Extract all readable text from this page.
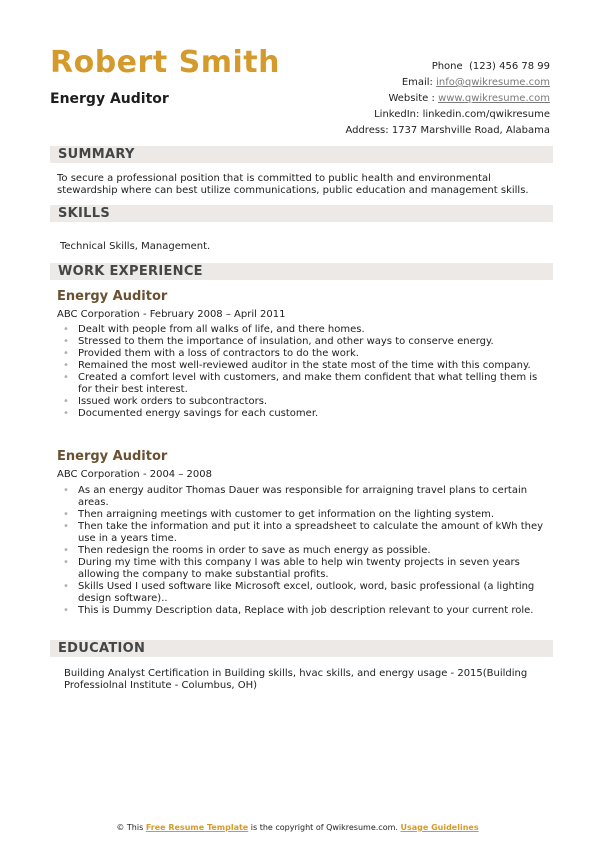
Robert Smith
Energy Auditor
Phone (123) 456 78 99
Email: info@qwikresume.com
Website : www.qwikresume.com
LinkedIn: linkedin.com/qwikresume
Address: 1737 Marshville Road, Alabama
SUMMARY
To secure a professional position that is committed to public health and environmental
stewardship where can best utilize communications, public education and management skills.
SKILLS
Technical Skills, Management.
WORK EXPERIENCE
Energy Auditor
ABC Corporation - February 2008 – April 2011
• Dealt with people from all walks of life, and there homes.
• Stressed to them the importance of insulation, and other ways to conserve energy.
• Provided them with a loss of contractors to do the work.
• Remained the most well-reviewed auditor in the state most of the time with this company.
• Created a comfort level with customers, and make them confident that what telling them is for their best interest.
• Issued work orders to subcontractors.
• Documented energy savings for each customer.
Energy Auditor
ABC Corporation - 2004 – 2008
• As an energy auditor Thomas Dauer was responsible for arraigning travel plans to certain areas.
• Then arraigning meetings with customer to get information on the lighting system.
• Then take the information and put it into a spreadsheet to calculate the amount of kWh they use in a years time.
• Then redesign the rooms in order to save as much energy as possible.
• During my time with this company I was able to help win twenty projects in seven years allowing the company to make substantial profits.
• Skills Used I used software like Microsoft excel, outlook, word, basic professional (a lighting design software)..
• This is Dummy Description data, Replace with job description relevant to your current role.
EDUCATION
Building Analyst Certification in Building skills, hvac skills, and energy usage - 2015(Building
Professiolnal Institute - Columbus, OH)
© This Free Resume Template is the copyright of Qwikresume.com. Usage Guidelines
